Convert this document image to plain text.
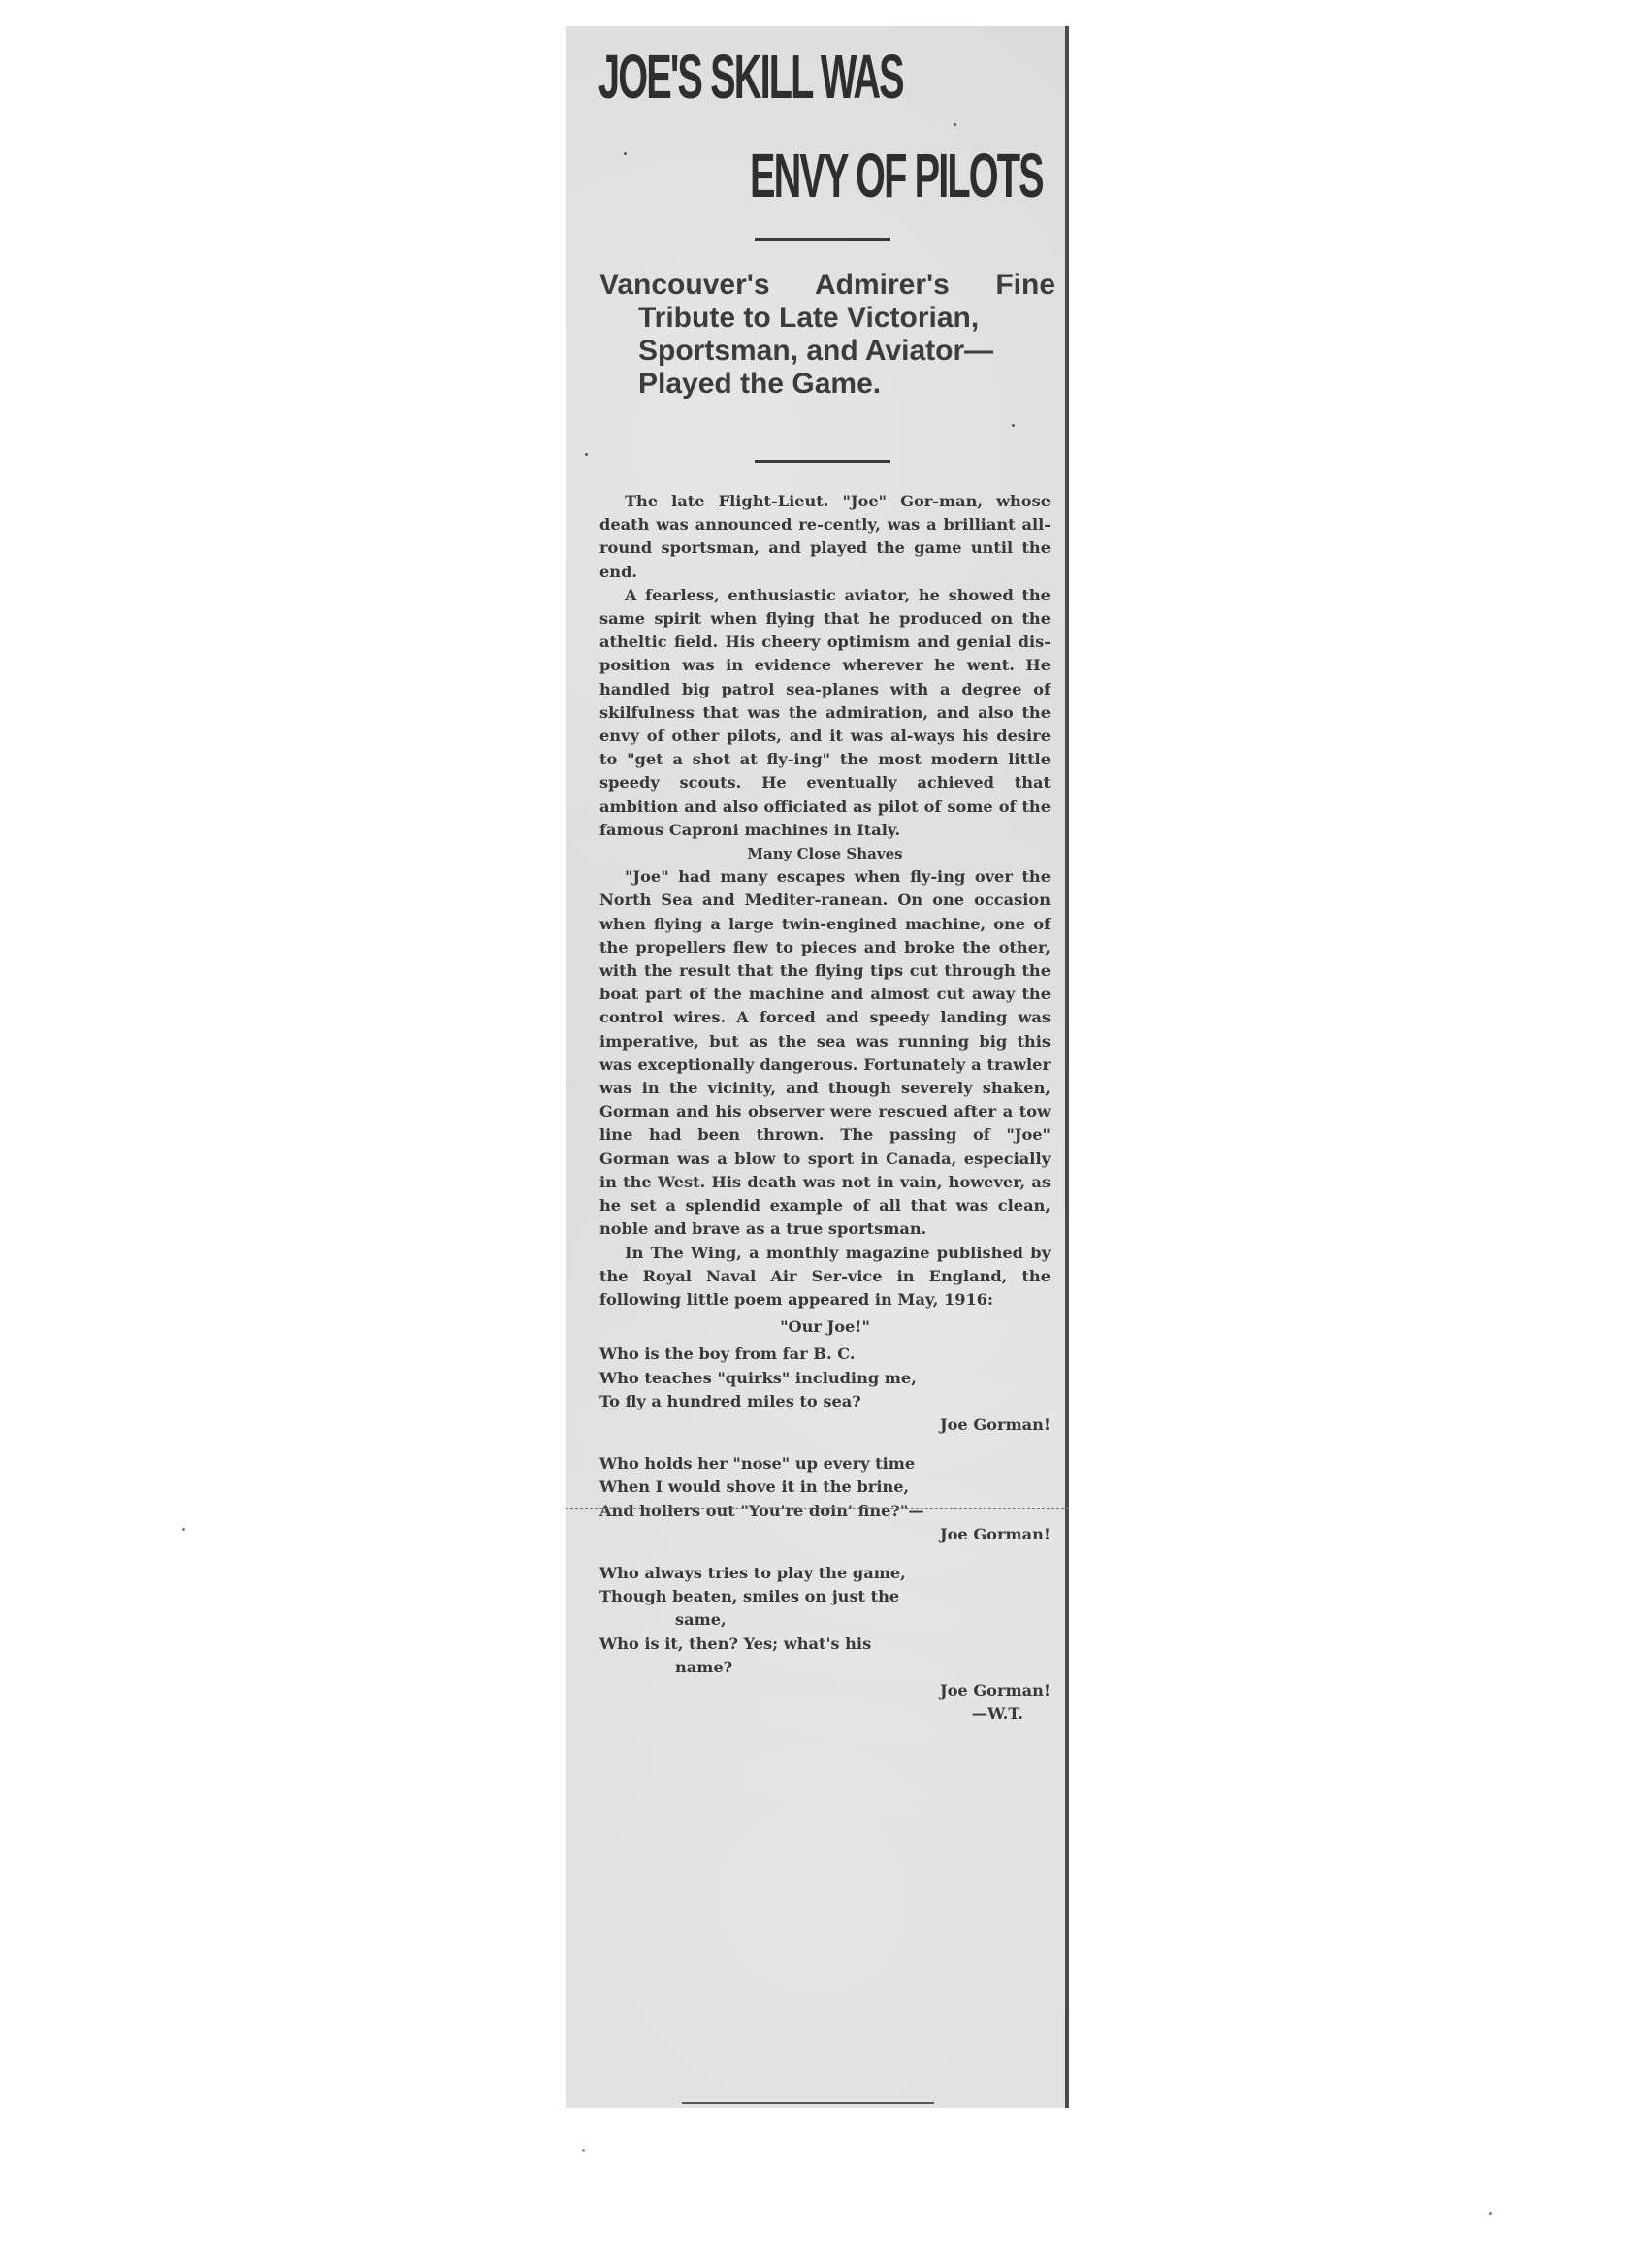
JOE'S SKILL WAS
ENVY OF PILOTS
Vancouver's Admirer's Fine
Tribute to Late Victorian,
Sportsman, and Aviator—
Played the Game.

The late Flight-Lieut. "Joe" Gor-man, whose death was announced re-cently, was a brilliant all-round sportsman, and played the game until the end.

A fearless, enthusiastic aviator, he showed the same spirit when flying that he produced on the atheltic field. His cheery optimism and genial dis-position was in evidence wherever he went. He handled big patrol sea-planes with a degree of skilfulness that was the admiration, and also the envy of other pilots, and it was al-ways his desire to "get a shot at fly-ing" the most modern little speedy scouts. He eventually achieved that ambition and also officiated as pilot of some of the famous Caproni machines in Italy.

Many Close Shaves

"Joe" had many escapes when fly-ing over the North Sea and Mediter-ranean. On one occasion when flying a large twin-engined machine, one of the propellers flew to pieces and broke the other, with the result that the flying tips cut through the boat part of the machine and almost cut away the control wires. A forced and speedy landing was imperative, but as the sea was running big this was exceptionally dangerous. Fortunately a trawler was in the vicinity, and though severely shaken, Gorman and his observer were rescued after a tow line had been thrown. The passing of "Joe" Gorman was a blow to sport in Canada, especially in the West. His death was not in vain, however, as he set a splendid example of all that was clean, noble and brave as a true sportsman.

In The Wing, a monthly magazine published by the Royal Naval Air Ser-vice in England, the following little poem appeared in May, 1916:

"Our Joe!"
Who is the boy from far B. C.
Who teaches "quirks" including me,
To fly a hundred miles to sea?
Joe Gorman!
Who holds her "nose" up every time
When I would shove it in the brine,
And hollers out "You're doin' fine?"—
Joe Gorman!
Who always tries to play the game,
Though beaten, smiles on just the
same,
Who is it, then? Yes; what's his
name?
Joe Gorman!
—W.T.
